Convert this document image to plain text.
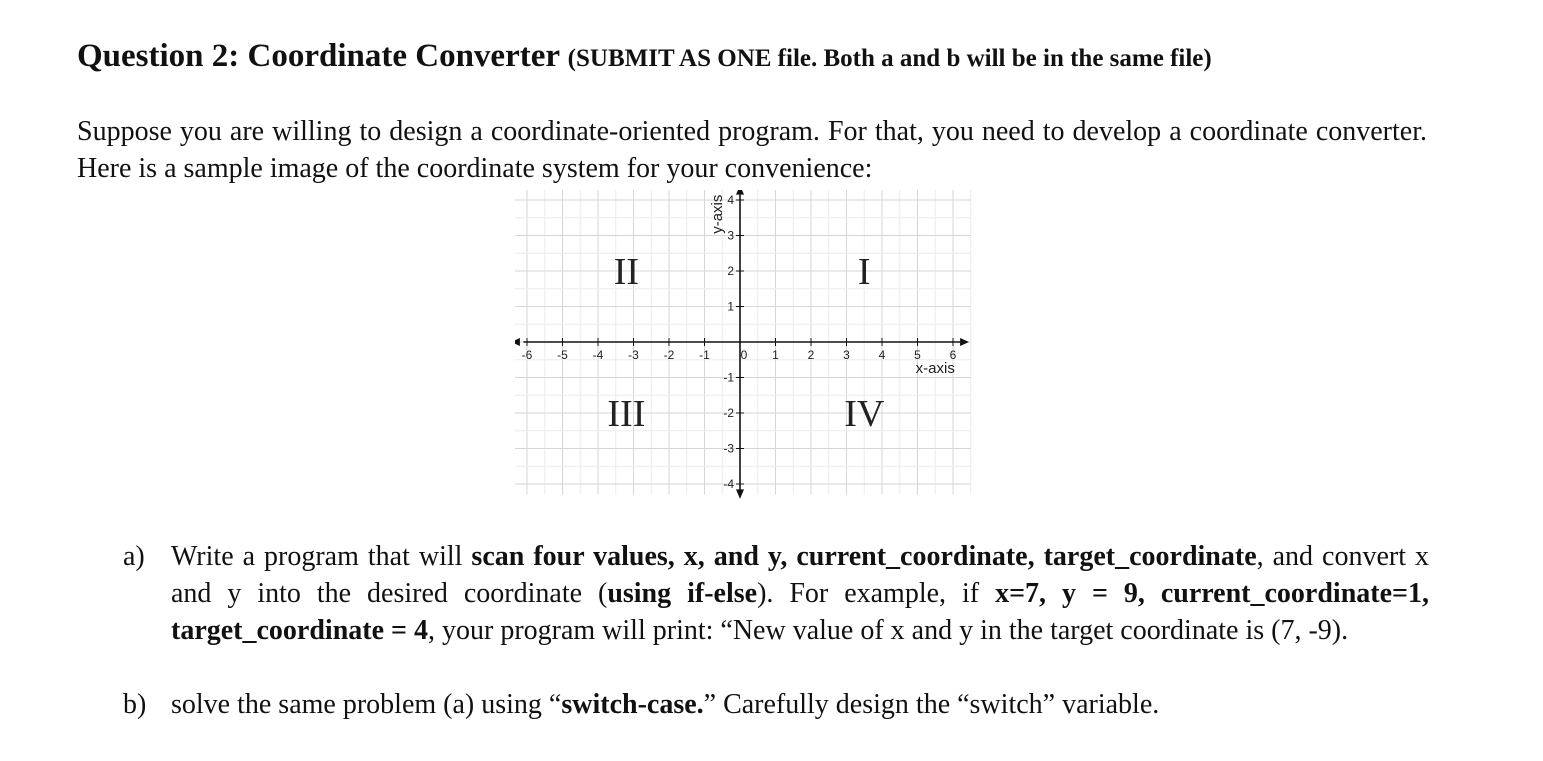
Question 2: Coordinate Converter (SUBMIT AS ONE file. Both a and b will be in the same file)

Suppose you are willing to design a coordinate-oriented program. For that, you need to develop a coordinate converter. Here is a sample image of the coordinate system for your convenience:

-6 -5 -4 -3 -2 -1	0 1 2 3 4 5 6
4
3
2
1
-1
-2
-3
-4
x-axis
y-axis
I
II
III	IV
a) Write a program that will scan four values, x, and y, current_coordinate, target_coordinate, and convert x and y into the desired coordinate (using if-else). For example, if x=7, y = 9, current_coordinate=1, target_coordinate = 4, your program will print: “New value of x and y in the target coordinate is (7, -9).

b) solve the same problem (a) using “switch-case.” Carefully design the “switch” variable.
